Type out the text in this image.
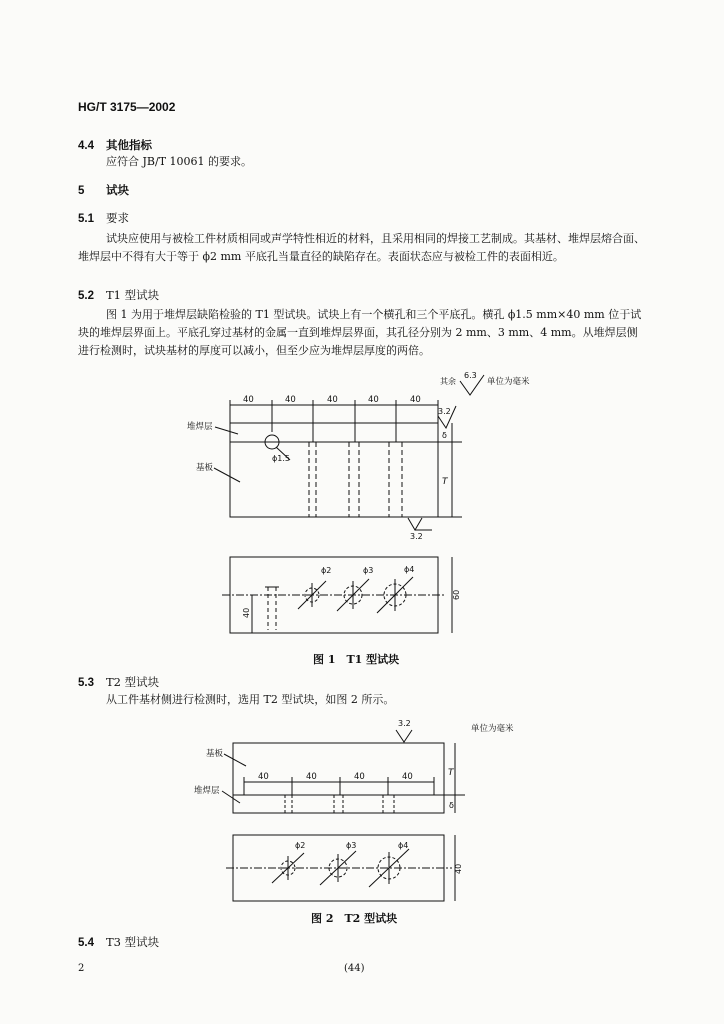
HG/T 3175—2002
4.4 其他指标
应符合 JB/T 10061 的要求。
5 试块
5.1 要求
试块应使用与被检工件材质相同或声学特性相近的材料，且采用相同的焊接工艺制成。其基材、堆焊层熔合面、堆焊层中不得有大于等于 ϕ2 mm 平底孔当量直径的缺陷存在。表面状态应与被检工件的表面相近。
5.2 T1 型试块
图 1 为用于堆焊层缺陷检验的 T1 型试块。试块上有一个横孔和三个平底孔。横孔 ϕ1.5 mm×40 mm 位于试块的堆焊层界面上。平底孔穿过基材的金属一直到堆焊层界面，其孔径分别为 2 mm、3 mm、4 mm。从堆焊层侧进行检测时，试块基材的厚度可以减小，但至少应为堆焊层厚度的两倍。
其余
6.3
单位为毫米
40	40	40	40	40
ϕ1.5
堆焊层
基板
3.2
δ
T
3.2
ϕ2	ϕ3	ϕ4
60
40
图 1　T1 型试块
5.3 T2 型试块
从工件基材侧进行检测时，选用 T2 型试块，如图 2 所示。
3.2
单位为毫米
40	40	40	40
基板
堆焊层
T
δ
ϕ2	ϕ3	ϕ4
40
图 2　T2 型试块
5.4 T3 型试块
2	(44)
